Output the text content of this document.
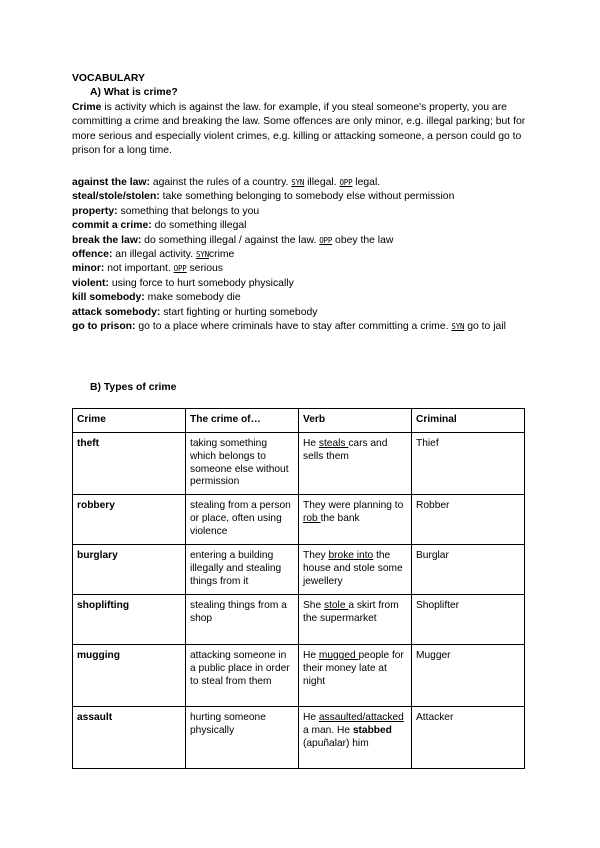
VOCABULARY
A) What is crime?
Crime is activity which is against the law. for example, if you steal someone's property, you are committing a crime and breaking the law. Some offences are only minor, e.g. illegal parking; but for more serious and especially violent crimes, e.g. killing or attacking someone, a person could go to prison for a long time.
against the law: against the rules of a country. SYN illegal. OPP legal.
steal/stole/stolen: take something belonging to somebody else without permission
property: something that belongs to you
commit a crime: do something illegal
break the law: do something illegal / against the law. OPP obey the law
offence: an illegal activity. SYNcrime
minor: not important. OPP serious
violent: using force to hurt somebody physically
kill somebody: make somebody die
attack somebody: start fighting or hurting somebody
go to prison: go to a place where criminals have to stay after committing a crime. SYN go to jail
B) Types of crime
Crime	The crime of…	Verb	Criminal
theft	taking something which belongs to someone else without permission	He steals cars and sells them	Thief
robbery	stealing from a person or place, often using violence	They were planning to rob the bank	Robber
burglary	entering a building illegally and stealing things from it	They broke into the house and stole some jewellery	Burglar
shoplifting	stealing things from a shop	She stole a skirt from the supermarket	Shoplifter
mugging	attacking someone in a public place in order to steal from them	He mugged people for their money late at night	Mugger
assault	hurting someone physically	He assaulted/attacked a man. He stabbed (apuñalar) him	Attacker
